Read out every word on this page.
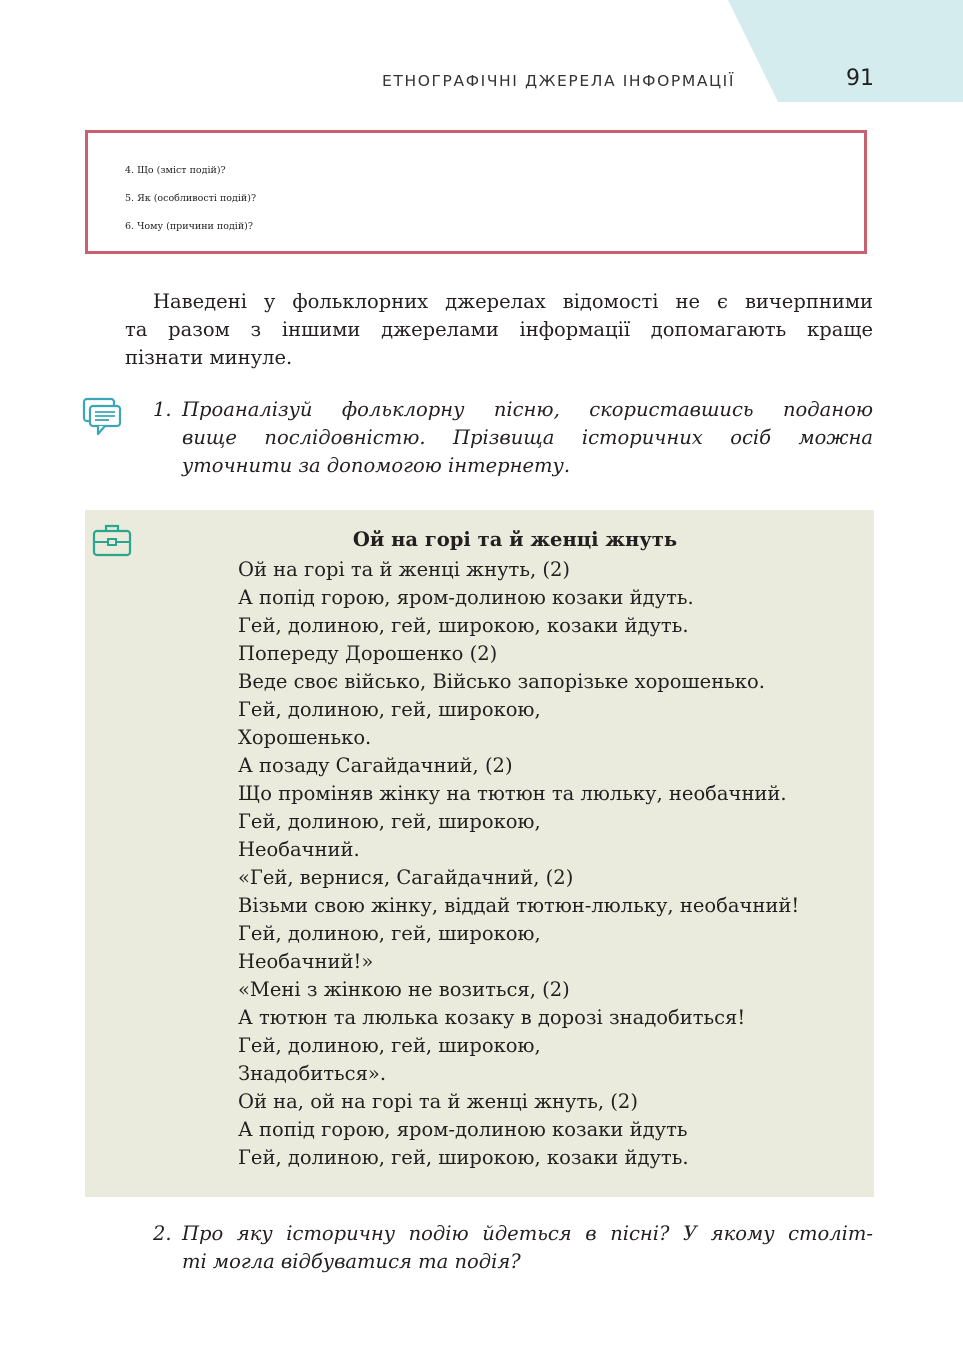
ЕТНОГРАФІЧНІ ДЖЕРЕЛА ІНФОРМАЦІЇ	91
4. Що (зміст подій)?
5. Як (особливості подій)?
6. Чому (причини подій)?

Наведені у фольклорних джерелах відомості не є вичерпними
та разом з іншими джерелами інформації допомагають краще
пізнати минуле.

1. Проаналізуй фольклорну пісню, скориставшись поданою
вище послідовністю. Прізвища історичних осіб можна
уточнити за допомогою інтернету.
Ой на горі та й женці жнуть
Ой на горі та й женці жнуть, (2)
А попід горою, яром-долиною козаки йдуть.
Гей, долиною, гей, широкою, козаки йдуть.
Попереду Дорошенко (2)
Веде своє військо, Військо запорізьке хорошенько.
Гей, долиною, гей, широкою,
Хорошенько.
А позаду Сагайдачний, (2)
Що проміняв жінку на тютюн та люльку, необачний.
Гей, долиною, гей, широкою,
Необачний.
«Гей, вернися, Сагайдачний, (2)
Візьми свою жінку, віддай тютюн-люльку, необачний!
Гей, долиною, гей, широкою,
Необачний!»
«Мені з жінкою не возиться, (2)
А тютюн та люлька козаку в дорозі знадобиться!
Гей, долиною, гей, широкою,
Знадобиться».
Ой на, ой на горі та й женці жнуть, (2)
А попід горою, яром-долиною козаки йдуть
Гей, долиною, гей, широкою, козаки йдуть.
2. Про яку історичну подію йдеться в пісні? У якому століт-
ті могла відбуватися та подія?
